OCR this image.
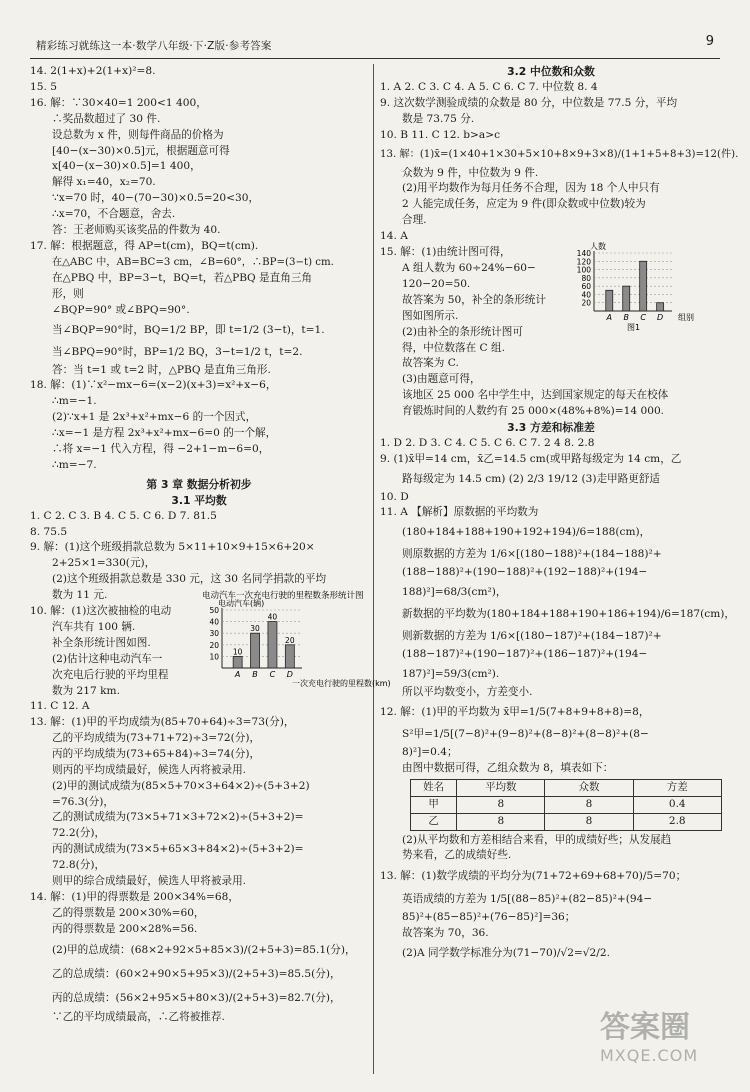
精彩练习就练这一本·数学八年级·下·Z版·参考答案	9
14. 2(1+x)+2(1+x)²=8.
15. 5
16. 解：∵30×40=1 200<1 400，
∴奖品数超过了 30 件.
设总数为 x 件，则每件商品的价格为
[40−(x−30)×0.5]元，根据题意可得
x[40−(x−30)×0.5]=1 400，
解得 x₁=40，x₂=70.
∵x=70 时，40−(70−30)×0.5=20<30，
∴x=70，不合题意，舍去.
答：王老师购买该奖品的件数为 40.
17. 解：根据题意，得 AP=t(cm)，BQ=t(cm).
在△ABC 中，AB=BC=3 cm，∠B=60°，∴BP=(3−t) cm.
在△PBQ 中，BP=3−t，BQ=t，若△PBQ 是直角三角
形，则
∠BQP=90° 或∠BPQ=90°.
当∠BQP=90°时，BQ=1/2 BP，即 t=1/2 (3−t)，t=1.
当∠BPQ=90°时，BP=1/2 BQ，3−t=1/2 t，t=2.
答：当 t=1 或 t=2 时，△PBQ 是直角三角形.
18. 解：(1)∵x²−mx−6=(x−2)(x+3)=x²+x−6，
∴m=−1.
(2)∵x+1 是 2x³+x²+mx−6 的一个因式，
∴x=−1 是方程 2x³+x²+mx−6=0 的一个解，
∴将 x=−1 代入方程，得 −2+1−m−6=0，
∴m=−7.
第 3 章 数据分析初步
3.1 平均数
1. C 2. C 3. B 4. C 5. C 6. D 7. 81.5
8. 75.5
9. 解：(1)这个班级捐款总数为 5×11+10×9+15×6+20×
2+25×1=330(元)，
(2)这个班级捐款总数是 330 元，这 30 名同学捐款的平均
数为 11 元.
10. 解：(1)这次被抽检的电动
汽车共有 100 辆.
补全条形统计图如图.
(2)估计这种电动汽车一
次充电后行驶的平均里程
数为 217 km.
电动汽车一次充电行驶的里程数条形统计图
电动汽车(辆)
10
20
30
40
50
10
A
30
B
40
C
20
D
一次充电行驶的里程数(km)
11. C 12. A
13. 解：(1)甲的平均成绩为(85+70+64)÷3=73(分)，
乙的平均成绩为(73+71+72)÷3=72(分)，
丙的平均成绩为(73+65+84)÷3=74(分)，
则丙的平均成绩最好，候选人丙将被录用.
(2)甲的测试成绩为(85×5+70×3+64×2)÷(5+3+2)
=76.3(分)，
乙的测试成绩为(73×5+71×3+72×2)÷(5+3+2)=
72.2(分)，
丙的测试成绩为(73×5+65×3+84×2)÷(5+3+2)=
72.8(分)，
则甲的综合成绩最好，候选人甲将被录用.
14. 解：(1)甲的得票数是 200×34%=68，
乙的得票数是 200×30%=60，
丙的得票数是 200×28%=56.
(2)甲的总成绩：(68×2+92×5+85×3)/(2+5+3)=85.1(分)，
乙的总成绩：(60×2+90×5+95×3)/(2+5+3)=85.5(分)，
丙的总成绩：(56×2+95×5+80×3)/(2+5+3)=82.7(分)，
∵乙的平均成绩最高，∴乙将被推荐.
3.2 中位数和众数
1. A 2. C 3. C 4. A 5. C 6. C 7. 中位数 8. 4
9. 这次数学测验成绩的众数是 80 分，中位数是 77.5 分，平均
数是 73.75 分.
10. B 11. C 12. b>a>c
13. 解：(1)x̄=(1×40+1×30+5×10+8×9+3×8)/(1+1+5+8+3)=12(件).
众数为 9 件，中位数为 9 件.
(2)用平均数作为每月任务不合理，因为 18 个人中只有
2 人能完成任务，应定为 9 件(即众数或中位数)较为
合理.
14. A
15. 解：(1)由统计图可得，
A 组人数为 60÷24%−60−
120−20=50.
故答案为 50，补全的条形统计
图如图所示.
(2)由补全的条形统计图可
得，中位数落在 C 组.
故答案为 C.
人数
20
40
60
80
100
120
140
A B C D 组别
图1
(3)由题意可得，
该地区 25 000 名中学生中，达到国家规定的每天在校体
育锻炼时间的人数约有 25 000×(48%+8%)=14 000.
3.3 方差和标准差
1. D 2. D 3. C 4. C 5. C 6. C 7. 2 4 8. 2.8
9. (1)x̄甲=14 cm，x̄乙=14.5 cm(或甲路每级定为 14 cm，乙
路每级定为 14.5 cm) (2) 2/3 19/12 (3)走甲路更舒适
10. D
11. A 【解析】原数据的平均数为
(180+184+188+190+192+194)/6=188(cm)，
则原数据的方差为 1/6×[(180−188)²+(184−188)²+
(188−188)²+(190−188)²+(192−188)²+(194−
188)²]=68/3(cm²)，
新数据的平均数为(180+184+188+190+186+194)/6=187(cm)，
则新数据的方差为 1/6×[(180−187)²+(184−187)²+
(188−187)²+(190−187)²+(186−187)²+(194−
187)²]=59/3(cm²).
所以平均数变小，方差变小.
12. 解：(1)甲的平均数为 x̄甲=1/5(7+8+9+8+8)=8，
S²甲=1/5[(7−8)²+(9−8)²+(8−8)²+(8−8)²+(8−
8)²]=0.4；
由图中数据可得，乙组众数为 8，填表如下：
姓名	平均数	众数	方差
甲	8	8	0.4
乙	8	8	2.8
(2)从平均数和方差相结合来看，甲的成绩好些；从发展趋
势来看，乙的成绩好些.
13. 解：(1)数学成绩的平均分为(71+72+69+68+70)/5=70；
英语成绩的方差为 1/5[(88−85)²+(82−85)²+(94−
85)²+(85−85)²+(76−85)²]=36；
故答案为 70，36.
(2)A 同学数学标准分为(71−70)/√2=√2/2.
答案圈
MXQE.COM
